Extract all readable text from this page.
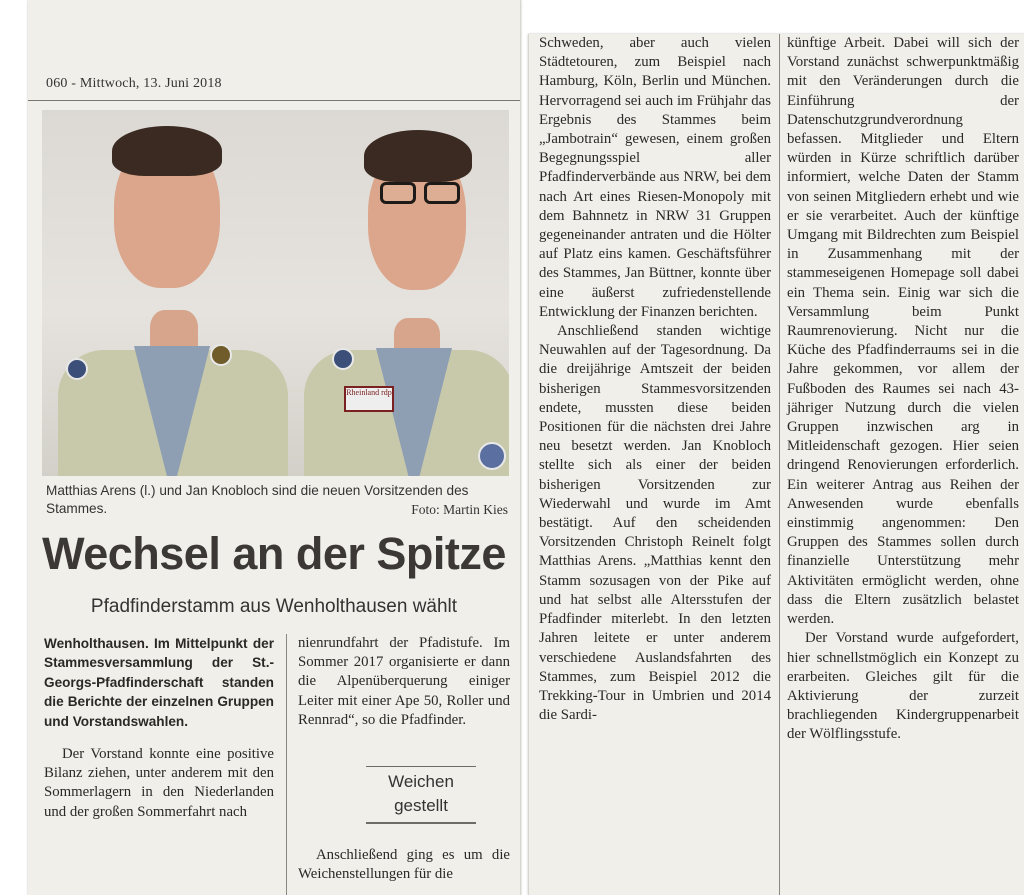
060 - Mittwoch, 13. Juni 2018
Rheinland rdp
Matthias Arens (l.) und Jan Knobloch sind die neuen Vorsitzenden des Stammes.	Foto: Martin Kies
Wechsel an der Spitze
Pfadfinderstamm aus Wenholthausen wählt

Wenholthausen. Im Mittelpunkt der Stammesversammlung der St.-Georgs-Pfadfinderschaft standen die Berichte der einzelnen Gruppen und Vorstandswahlen.

Der Vorstand konnte eine positive Bilanz ziehen, unter anderem mit den Sommerlagern in den Niederlanden und der großen Sommerfahrt nach

nienrundfahrt der Pfadistufe. Im Sommer 2017 organisierte er dann die Alpenüberquerung einiger Leiter mit einer Ape 50, Roller und Rennrad“, so die Pfadfinder.

Weichen gestellt
Anschließend ging es um die Weichenstellungen für die

Schweden, aber auch vielen Städtetouren, zum Beispiel nach Hamburg, Köln, Berlin und München. Hervorragend sei auch im Frühjahr das Ergebnis des Stammes beim „Jambotrain“ gewesen, einem großen Begegnungsspiel aller Pfadfinderverbände aus NRW, bei dem nach Art eines Riesen-Monopoly mit dem Bahnnetz in NRW 31 Gruppen gegeneinander antraten und die Hölter auf Platz eins kamen. Geschäftsführer des Stammes, Jan Büttner, konnte über eine äußerst zufriedenstellende Entwicklung der Finanzen berichten.

Anschließend standen wichtige Neuwahlen auf der Tagesordnung. Da die dreijährige Amtszeit der beiden bisherigen Stammesvorsitzenden endete, mussten diese beiden Positionen für die nächsten drei Jahre neu besetzt werden. Jan Knobloch stellte sich als einer der beiden bisherigen Vorsitzenden zur Wiederwahl und wurde im Amt bestätigt. Auf den scheidenden Vorsitzenden Christoph Reinelt folgt Matthias Arens. „Matthias kennt den Stamm sozusagen von der Pike auf und hat selbst alle Altersstufen der Pfadfinder miterlebt. In den letzten Jahren leitete er unter anderem verschiedene Auslandsfahrten des Stammes, zum Beispiel 2012 die Trekking-Tour in Umbrien und 2014 die Sardi-

künftige Arbeit. Dabei will sich der Vorstand zunächst schwerpunktmäßig mit den Veränderungen durch die Einführung der Datenschutzgrundverordnung befassen. Mitglieder und Eltern würden in Kürze schriftlich darüber informiert, welche Daten der Stamm von seinen Mitgliedern erhebt und wie er sie verarbeitet. Auch der künftige Umgang mit Bildrechten zum Beispiel in Zusammenhang mit der stammeseigenen Homepage soll dabei ein Thema sein. Einig war sich die Versammlung beim Punkt Raumrenovierung. Nicht nur die Küche des Pfadfinderraums sei in die Jahre gekommen, vor allem der Fußboden des Raumes sei nach 43-jähriger Nutzung durch die vielen Gruppen inzwischen arg in Mitleidenschaft gezogen. Hier seien dringend Renovierungen erforderlich. Ein weiterer Antrag aus Reihen der Anwesenden wurde ebenfalls einstimmig angenommen: Den Gruppen des Stammes sollen durch finanzielle Unterstützung mehr Aktivitäten ermöglicht werden, ohne dass die Eltern zusätzlich belastet werden.

Der Vorstand wurde aufgefordert, hier schnellstmöglich ein Konzept zu erarbeiten. Gleiches gilt für die Aktivierung der zurzeit brachliegenden Kindergruppenarbeit der Wölflingsstufe.
